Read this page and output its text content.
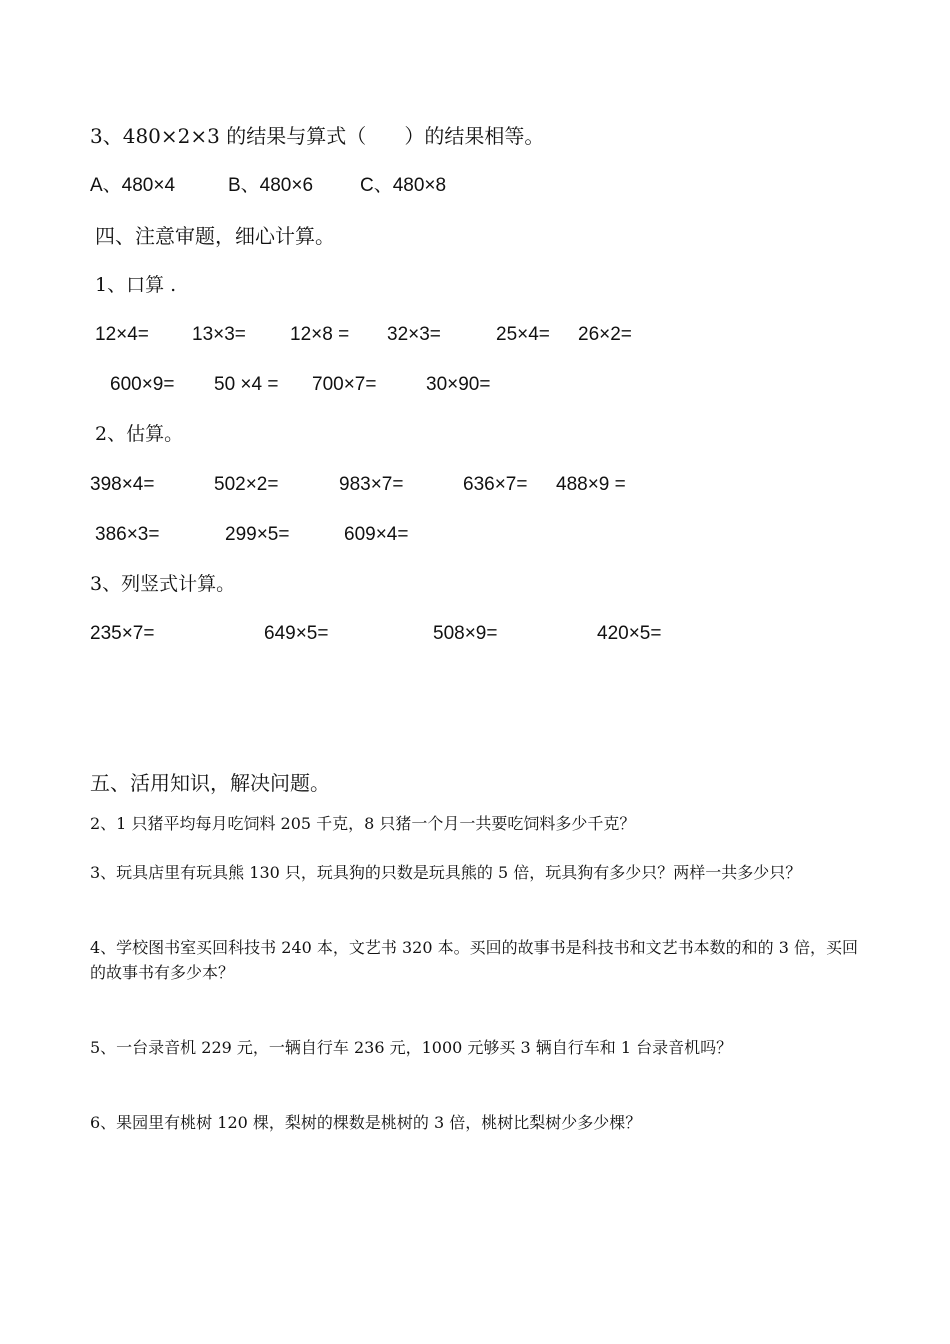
3、480×2×3 的结果与算式（      ）的结果相等。

A、480×4

	B、480×6

C、480×8

四、注意审题，细心计算。
1、口算 .

12×4=

13×3=

12×8 =

32×3=

	25×4=

26×2=

600×9=

50 ×4 =

700×7=

	30×90=

2、估算。

398×4=

	502×2=

	983×7=

	636×7=

488×9 =

386×3=

	299×5=

	609×4=

3、列竖式计算。

235×7=

	649×5=

	508×9=

	420×5=

五、活用知识，解决问题。
2、1 只猪平均每月吃饲料 205 千克，8 只猪一个月一共要吃饲料多少千克？
3、玩具店里有玩具熊 130 只，玩具狗的只数是玩具熊的 5 倍，玩具狗有多少只？两样一共多少只？
4、学校图书室买回科技书 240 本，文艺书 320 本。买回的故事书是科技书和文艺书本数的和的 3 倍，买回的故事书有多少本？
5、一台录音机 229 元，一辆自行车 236 元，1000 元够买 3 辆自行车和 1 台录音机吗？
6、果园里有桃树 120 棵，梨树的棵数是桃树的 3 倍，桃树比梨树少多少棵？
